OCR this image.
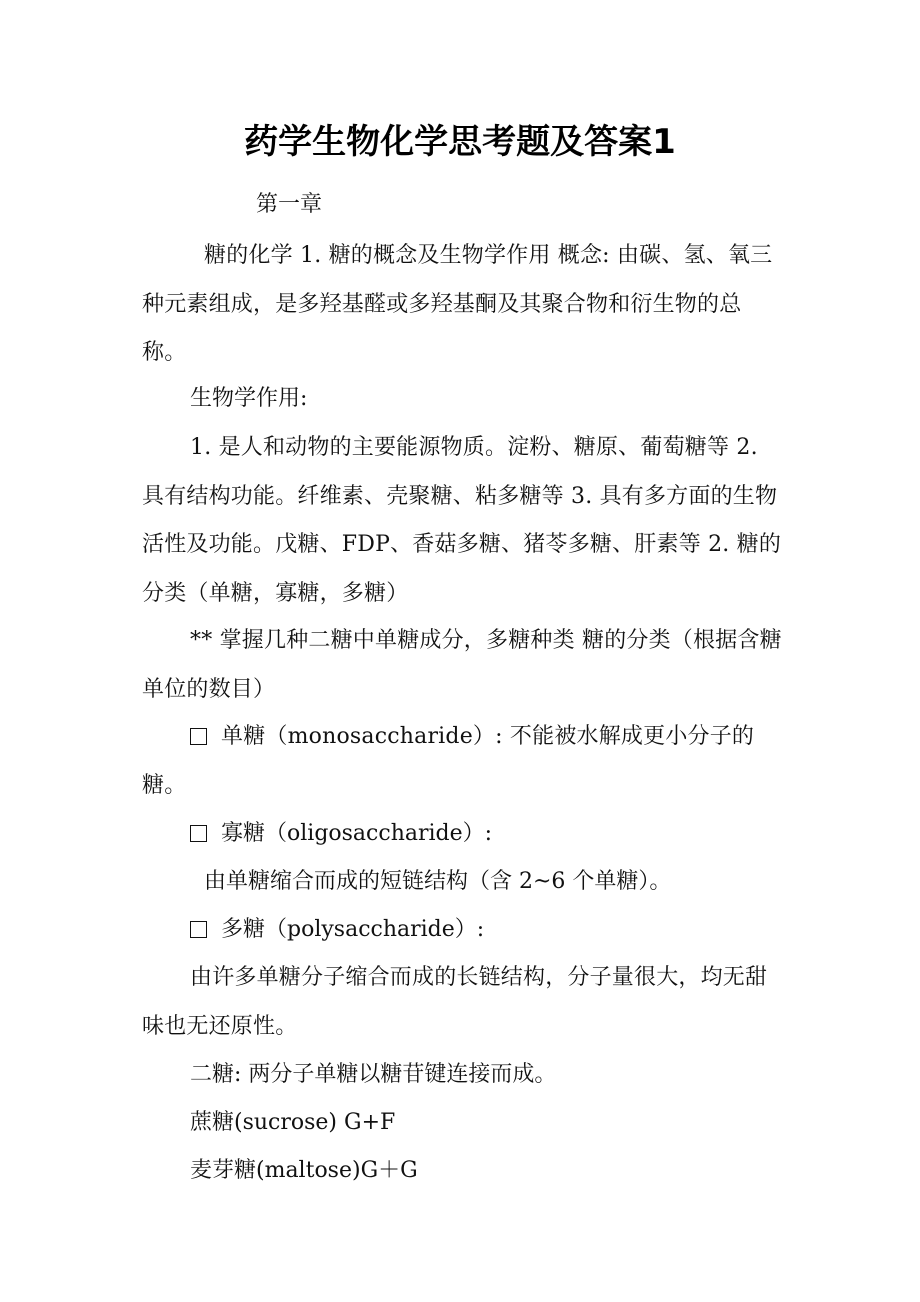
药学生物化学思考题及答案1
第一章
糖的化学 1. 糖的概念及生物学作用 概念: 由碳、氢、氧三种元素组成，是多羟基醛或多羟基酮及其聚合物和衍生物的总称。
生物学作用:
1. 是人和动物的主要能源物质。淀粉、糖原、葡萄糖等 2. 具有结构功能。纤维素、壳聚糖、粘多糖等 3. 具有多方面的生物活性及功能。戊糖、FDP、香菇多糖、猪苓多糖、肝素等 2. 糖的分类（单糖，寡糖，多糖）
** 掌握几种二糖中单糖成分，多糖种类 糖的分类（根据含糖单位的数目）
单糖（monosaccharide）: 不能被水解成更小分子的糖。
寡糖（oligosaccharide）:
由单糖缩合而成的短链结构（含 2~6 个单糖）。
多糖（polysaccharide）:
由许多单糖分子缩合而成的长链结构，分子量很大，均无甜味也无还原性。
二糖: 两分子单糖以糖苷键连接而成。
蔗糖(sucrose) G+F
麦芽糖(maltose)G＋G
